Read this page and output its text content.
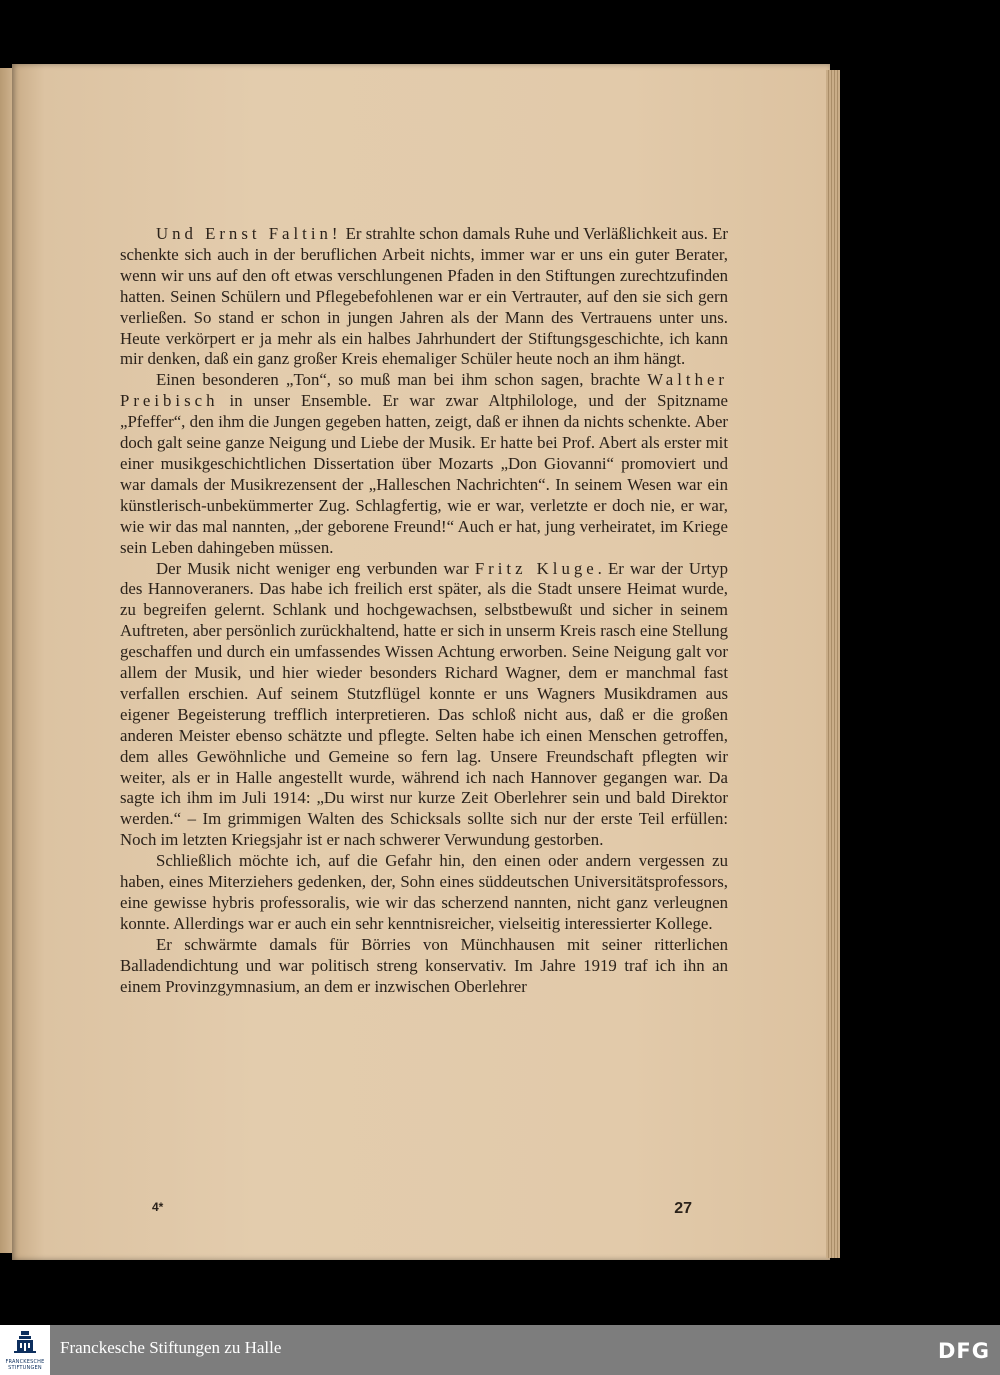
Und Ernst Faltin! Er strahlte schon damals Ruhe und Verläßlichkeit aus. Er schenkte sich auch in der beruflichen Arbeit nichts, immer war er uns ein guter Berater, wenn wir uns auf den oft etwas verschlungenen Pfaden in den Stiftungen zurechtzufinden hatten. Seinen Schülern und Pflegebefohlenen war er ein Vertrauter, auf den sie sich gern verließen. So stand er schon in jungen Jahren als der Mann des Vertrauens unter uns. Heute verkörpert er ja mehr als ein halbes Jahrhundert der Stiftungsgeschichte, ich kann mir denken, daß ein ganz großer Kreis ehemaliger Schüler heute noch an ihm hängt.

Einen besonderen „Ton“, so muß man bei ihm schon sagen, brachte Walther Preibisch in unser Ensemble. Er war zwar Altphilologe, und der Spitzname „Pfeffer“, den ihm die Jungen gegeben hatten, zeigt, daß er ihnen da nichts schenkte. Aber doch galt seine ganze Neigung und Liebe der Musik. Er hatte bei Prof. Abert als erster mit einer musikgeschichtlichen Dissertation über Mozarts „Don Giovanni“ promoviert und war damals der Musikrezensent der „Halleschen Nachrichten“. In seinem Wesen war ein künstlerisch-unbekümmerter Zug. Schlagfertig, wie er war, verletzte er doch nie, er war, wie wir das mal nannten, „der geborene Freund!“ Auch er hat, jung verheiratet, im Kriege sein Leben dahingeben müssen.

Der Musik nicht weniger eng verbunden war Fritz Kluge. Er war der Urtyp des Hannoveraners. Das habe ich freilich erst später, als die Stadt unsere Heimat wurde, zu begreifen gelernt. Schlank und hochgewachsen, selbstbewußt und sicher in seinem Auftreten, aber persönlich zurückhaltend, hatte er sich in unserm Kreis rasch eine Stellung geschaffen und durch ein umfassendes Wissen Achtung erworben. Seine Neigung galt vor allem der Musik, und hier wieder besonders Richard Wagner, dem er manchmal fast verfallen erschien. Auf seinem Stutzflügel konnte er uns Wagners Musikdramen aus eigener Begeisterung trefflich interpretieren. Das schloß nicht aus, daß er die großen anderen Meister ebenso schätzte und pflegte. Selten habe ich einen Menschen getroffen, dem alles Gewöhnliche und Gemeine so fern lag. Unsere Freundschaft pflegten wir weiter, als er in Halle angestellt wurde, während ich nach Hannover gegangen war. Da sagte ich ihm im Juli 1914: „Du wirst nur kurze Zeit Oberlehrer sein und bald Direktor werden.“ – Im grimmigen Walten des Schicksals sollte sich nur der erste Teil erfüllen: Noch im letzten Kriegsjahr ist er nach schwerer Verwundung gestorben.

Schließlich möchte ich, auf die Gefahr hin, den einen oder andern vergessen zu haben, eines Miterziehers gedenken, der, Sohn eines süddeutschen Universitätsprofessors, eine gewisse hybris professoralis, wie wir das scherzend nannten, nicht ganz verleugnen konnte. Allerdings war er auch ein sehr kenntnisreicher, vielseitig interessierter Kollege.

Er schwärmte damals für Börries von Münchhausen mit seiner ritterlichen Balladendichtung und war politisch streng konservativ. Im Jahre 1919 traf ich ihn an einem Provinzgymnasium, an dem er inzwischen Oberlehrer

4*	27
FRANCKESCHE STIFTUNGEN
Franckesche Stiftungen zu Halle	DFG
